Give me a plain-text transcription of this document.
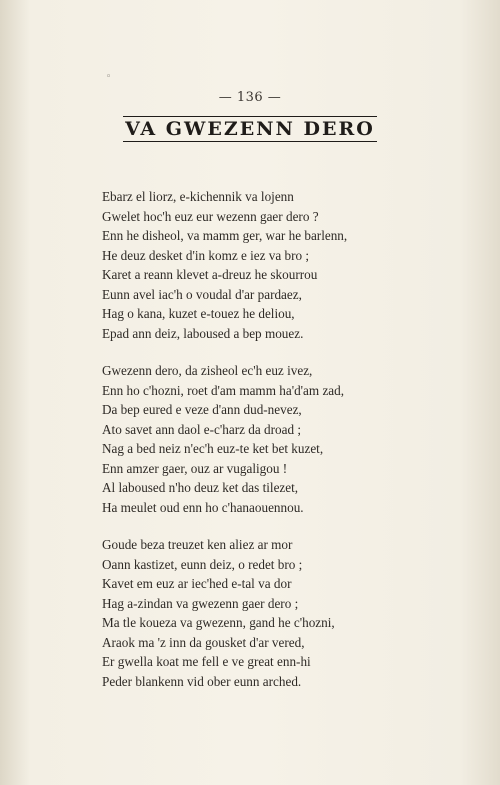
◦
— 136 —
VA GWEZENN DERO
Ebarz el liorz, e-kichennik va lojenn
Gwelet hoc'h euz eur wezenn gaer dero ?
Enn he disheol, va mamm ger, war he barlenn,
He deuz desket d'in komz e iez va bro ;
Karet a reann klevet a-dreuz he skourrou
Eunn avel iac'h o voudal d'ar pardaez,
Hag o kana, kuzet e-touez he deliou,
Epad ann deiz, laboused a bep mouez.
Gwezenn dero, da zisheol ec'h euz ivez,
Enn ho c'hozni, roet d'am mamm ha'd'am zad,
Da bep eured e veze d'ann dud-nevez,
Ato savet ann daol e-c'harz da droad ;
Nag a bed neiz n'ec'h euz-te ket bet kuzet,
Enn amzer gaer, ouz ar vugaligou !
Al laboused n'ho deuz ket das tilezet,
Ha meulet oud enn ho c'hanaouennou.
Goude beza treuzet ken aliez ar mor
Oann kastizet, eunn deiz, o redet bro ;
Kavet em euz ar iec'hed e-tal va dor
Hag a-zindan va gwezenn gaer dero ;
Ma tle koueza va gwezenn, gand he c'hozni,
Araok ma 'z inn da gousket d'ar vered,
Er gwella koat me fell e ve great enn-hi
Peder blankenn vid ober eunn arched.
